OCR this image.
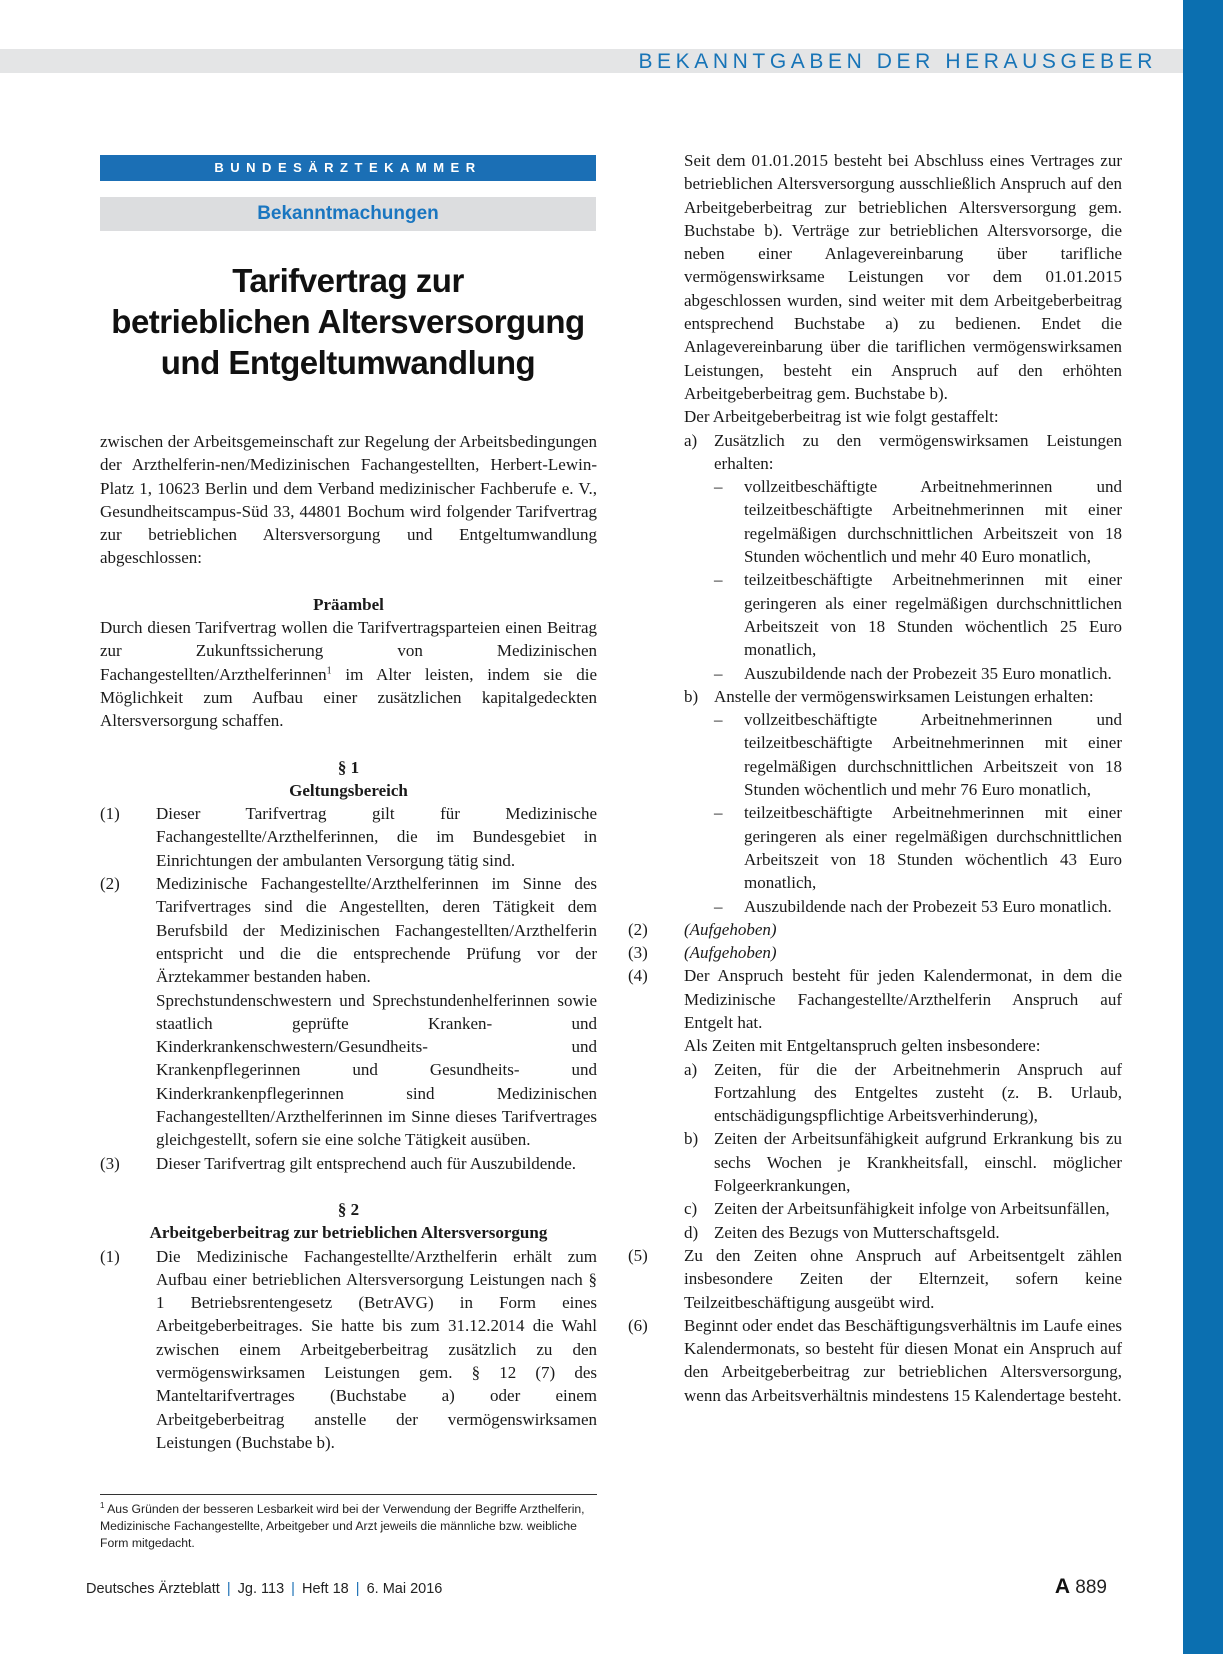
BEKANNTGABEN DER HERAUSGEBER
BUNDESÄRZTEKAMMER
Bekanntmachungen
Tarifvertrag zur
betrieblichen Altersversorgung
und Entgeltumwandlung

zwischen der Arbeitsgemeinschaft zur Regelung der Arbeitsbedingungen der Arzthelferin-nen/Medizinischen Fachangestellten, Herbert-Lewin-Platz 1, 10623 Berlin und dem Verband medizinischer Fachberufe e. V., Gesundheitscampus-Süd 33, 44801 Bochum wird folgender Tarifvertrag zur betrieblichen Altersversorgung und Entgeltumwandlung abgeschlossen:

Präambel

Durch diesen Tarifvertrag wollen die Tarifvertragsparteien einen Beitrag zur Zukunftssicherung von Medizinischen Fachangestellten/Arzthelferinnen$^1$ im Alter leisten, indem sie die Möglichkeit zum Aufbau einer zusätzlichen kapitalgedeckten Altersversorgung schaffen.

§ 1

Geltungsbereich

(1) Dieser Tarifvertrag gilt für Medizinische Fachangestellte/Arzthelferinnen, die im Bundesgebiet in Einrichtungen der ambulanten Versorgung tätig sind.
(2) Medizinische Fachangestellte/Arzthelferinnen im Sinne des Tarifvertrages sind die Angestellten, deren Tätigkeit dem Berufsbild der Medizinischen Fachangestellten/Arzthelferin entspricht und die die entsprechende Prüfung vor der Ärztekammer bestanden haben.
Sprechstundenschwestern und Sprechstundenhelferinnen sowie staatlich geprüfte Kranken- und Kinderkrankenschwestern/Gesundheits- und Krankenpflegerinnen und Gesundheits- und Kinderkrankenpflegerinnen sind Medizinischen Fachangestellten/Arzthelferinnen im Sinne dieses Tarifvertrages gleichgestellt, sofern sie eine solche Tätigkeit ausüben.
(3) Dieser Tarifvertrag gilt entsprechend auch für Auszubildende.

§ 2

Arbeitgeberbeitrag zur betrieblichen Altersversorgung

(1) Die Medizinische Fachangestellte/Arzthelferin erhält zum Aufbau einer betrieblichen Altersversorgung Leistungen nach § 1 Betriebsrentengesetz (BetrAVG) in Form eines Arbeitgeberbeitrages. Sie hatte bis zum 31.12.2014 die Wahl zwischen einem Arbeitgeberbeitrag zusätzlich zu den vermögenswirksamen Leistungen gem. § 12 (7) des Manteltarifvertrages (Buchstabe a) oder einem Arbeitgeberbeitrag anstelle der vermögenswirksamen Leistungen (Buchstabe b).
$^1$ Aus Gründen der besseren Lesbarkeit wird bei der Verwendung der Begriffe Arzthelferin, Medizinische Fachangestellte, Arbeitgeber und Arzt jeweils die männliche bzw. weibliche Form mitgedacht.
Seit dem 01.01.2015 besteht bei Abschluss eines Vertrages zur betrieblichen Altersversorgung ausschließlich Anspruch auf den Arbeitgeberbeitrag zur betrieblichen Altersversorgung gem. Buchstabe b). Verträge zur betrieblichen Altersvorsorge, die neben einer Anlagevereinbarung über tarifliche vermögenswirksame Leistungen vor dem 01.01.2015 abgeschlossen wurden, sind weiter mit dem Arbeitgeberbeitrag entsprechend Buchstabe a) zu bedienen. Endet die Anlagevereinbarung über die tariflichen vermögenswirksamen Leistungen, besteht ein Anspruch auf den erhöhten Arbeitgeberbeitrag gem. Buchstabe b).
Der Arbeitgeberbeitrag ist wie folgt gestaffelt:
a) Zusätzlich zu den vermögenswirksamen Leistungen erhalten:
– vollzeitbeschäftigte Arbeitnehmerinnen und teilzeitbeschäftigte Arbeitnehmerinnen mit einer regelmäßigen durchschnittlichen Arbeitszeit von 18 Stunden wöchentlich und mehr 40 Euro monatlich,
– teilzeitbeschäftigte Arbeitnehmerinnen mit einer geringeren als einer regelmäßigen durchschnittlichen Arbeitszeit von 18 Stunden wöchentlich 25 Euro monatlich,
– Auszubildende nach der Probezeit 35 Euro monatlich.
b) Anstelle der vermögenswirksamen Leistungen erhalten:
– vollzeitbeschäftigte Arbeitnehmerinnen und teilzeitbeschäftigte Arbeitnehmerinnen mit einer regelmäßigen durchschnittlichen Arbeitszeit von 18 Stunden wöchentlich und mehr 76 Euro monatlich,
– teilzeitbeschäftigte Arbeitnehmerinnen mit einer geringeren als einer regelmäßigen durchschnittlichen Arbeitszeit von 18 Stunden wöchentlich 43 Euro monatlich,
– Auszubildende nach der Probezeit 53 Euro monatlich.
(2) (Aufgehoben)
(3) (Aufgehoben)
(4) Der Anspruch besteht für jeden Kalendermonat, in dem die Medizinische Fachangestellte/Arzthelferin Anspruch auf Entgelt hat.
Als Zeiten mit Entgeltanspruch gelten insbesondere:
a) Zeiten, für die der Arbeitnehmerin Anspruch auf Fortzahlung des Entgeltes zusteht (z. B. Urlaub, entschädigungspflichtige Arbeitsverhinderung),
b) Zeiten der Arbeitsunfähigkeit aufgrund Erkrankung bis zu sechs Wochen je Krankheitsfall, einschl. möglicher Folgeerkrankungen,
c) Zeiten der Arbeitsunfähigkeit infolge von Arbeitsunfällen,
d) Zeiten des Bezugs von Mutterschaftsgeld.
(5) Zu den Zeiten ohne Anspruch auf Arbeitsentgelt zählen insbesondere Zeiten der Elternzeit, sofern keine Teilzeitbeschäftigung ausgeübt wird.
(6) Beginnt oder endet das Beschäftigungsverhältnis im Laufe eines Kalendermonats, so besteht für diesen Monat ein Anspruch auf den Arbeitgeberbeitrag zur betrieblichen Altersversorgung, wenn das Arbeitsverhältnis mindestens 15 Kalendertage besteht.
Deutsches Ärzteblatt | Jg. 113 | Heft 18 | 6. Mai 2016	A 889
